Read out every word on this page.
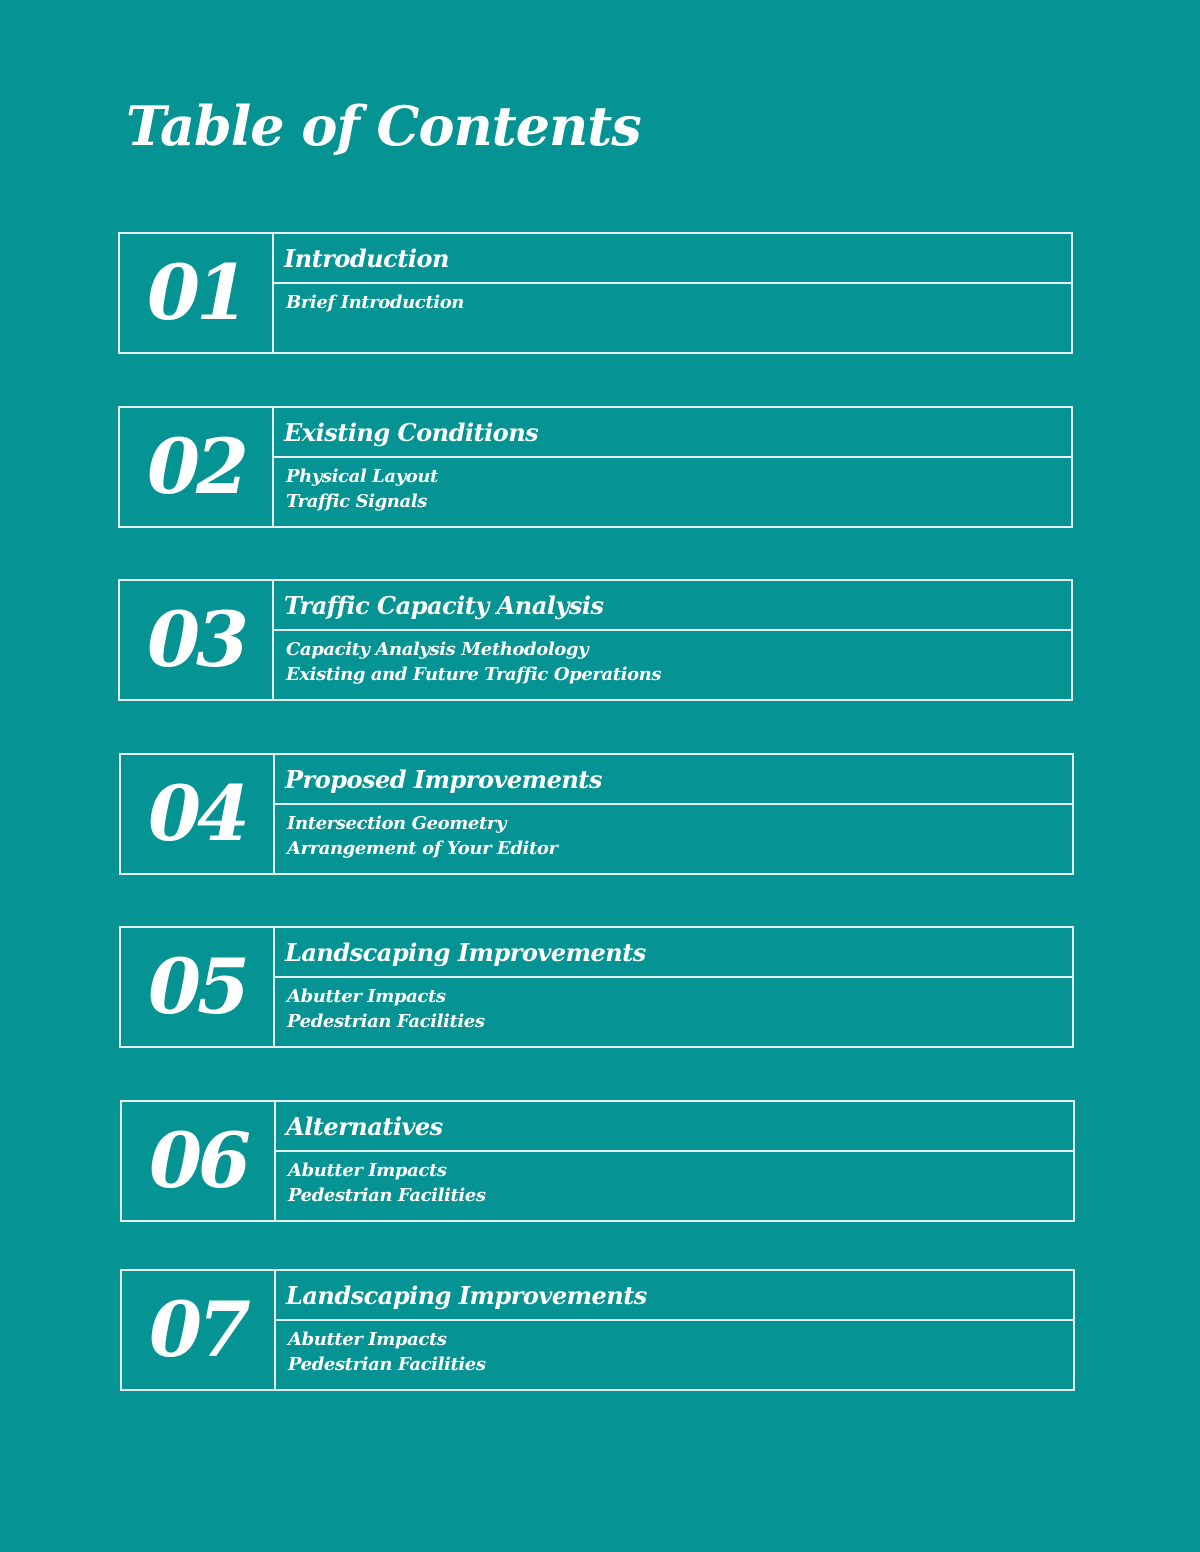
Table of Contents
01 Introduction
Brief Introduction
02 Existing Conditions
Physical Layout
Traffic Signals
03 Traffic Capacity Analysis
Capacity Analysis Methodology
Existing and Future Traffic Operations
04 Proposed Improvements
Intersection Geometry
Arrangement of Your Editor
05 Landscaping Improvements
Abutter Impacts
Pedestrian Facilities
06 Alternatives
Abutter Impacts
Pedestrian Facilities
07 Landscaping Improvements
Abutter Impacts
Pedestrian Facilities
